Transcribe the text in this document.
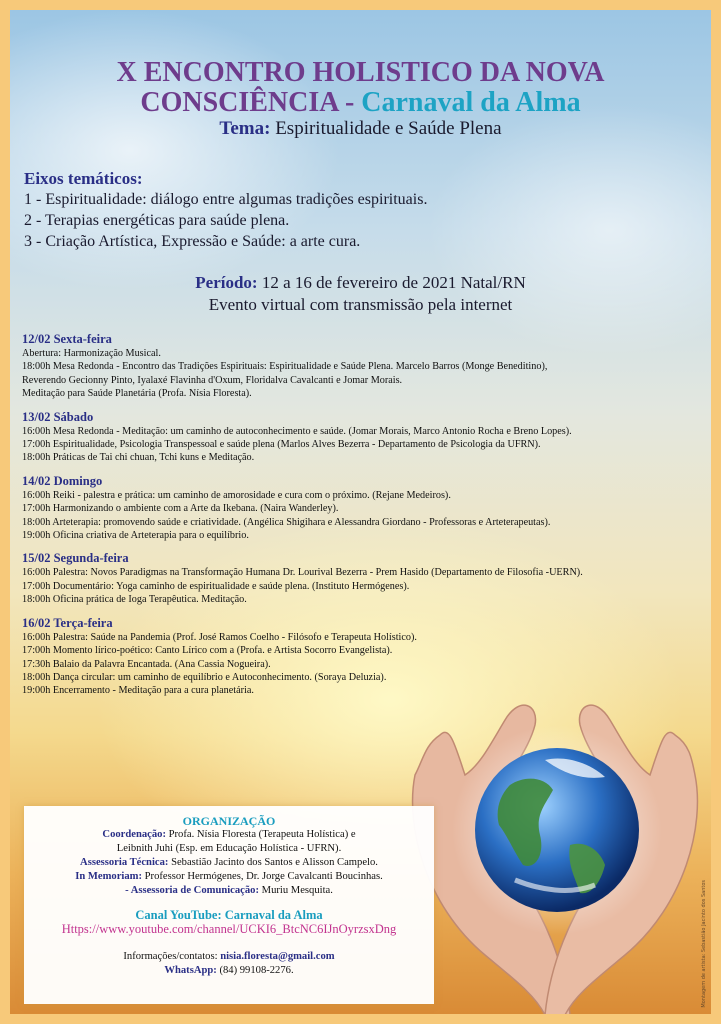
X ENCONTRO HOLISTICO DA NOVA
CONSCIÊNCIA - Carnaval da Alma
Tema: Espiritualidade e Saúde Plena
Eixos temáticos:
1 - Espiritualidade: diálogo entre algumas tradições espirituais.
2 - Terapias energéticas para saúde plena.
3 - Criação Artística, Expressão e Saúde: a arte cura.
Período: 12 a 16 de fevereiro de 2021 Natal/RN
Evento virtual com transmissão pela internet
12/02 Sexta-feira
Abertura: Harmonização Musical.
18:00h Mesa Redonda - Encontro das Tradições Espirituais: Espiritualidade e Saúde Plena. Marcelo Barros (Monge Beneditino),
Reverendo Gecionny Pinto, Iyalaxé Flavinha d'Oxum, Floridalva Cavalcanti e Jomar Morais.
Meditação para Saúde Planetária (Profa. Nísia Floresta).
13/02 Sábado
16:00h Mesa Redonda - Meditação: um caminho de autoconhecimento e saúde. (Jomar Morais, Marco Antonio Rocha e Breno Lopes).
17:00h Espiritualidade, Psicologia Transpessoal e saúde plena (Marlos Alves Bezerra - Departamento de Psicologia da UFRN).
18:00h Práticas de Tai chi chuan, Tchi kuns e Meditação.
14/02 Domingo
16:00h Reiki - palestra e prática: um caminho de amorosidade e cura com o próximo. (Rejane Medeiros).
17:00h Harmonizando o ambiente com a Arte da Ikebana. (Naira Wanderley).
18:00h Arteterapia: promovendo saúde e criatividade. (Angélica Shigihara e Alessandra Giordano - Professoras e Arteterapeutas).
19:00h Oficina criativa de Arteterapia para o equilíbrio.
15/02 Segunda-feira
16:00h Palestra: Novos Paradigmas na Transformação Humana Dr. Lourival Bezerra - Prem Hasido (Departamento de Filosofia -UERN).
17:00h Documentário: Yoga caminho de espiritualidade e saúde plena. (Instituto Hermógenes).
18:00h Oficina prática de Ioga Terapêutica. Meditação.
16/02 Terça-feira
16:00h Palestra: Saúde na Pandemia (Prof. José Ramos Coelho - Filósofo e Terapeuta Holístico).
17:00h Momento lírico-poético: Canto Lírico com a (Profa. e Artista Socorro Evangelista).
17:30h Balaio da Palavra Encantada. (Ana Cassia Nogueira).
18:00h Dança circular: um caminho de equilíbrio e Autoconhecimento. (Soraya Deluzia).
19:00h Encerramento - Meditação para a cura planetária.
Montagem de artista: Sebastião Jacinto dos Santos
ORGANIZAÇÃO
Coordenação: Profa. Nísia Floresta (Terapeuta Holística) e
Leibnith Juhi (Esp. em Educação Holística - UFRN).
Assessoria Técnica: Sebastião Jacinto dos Santos e Alisson Campelo.
In Memoriam: Professor Hermógenes, Dr. Jorge Cavalcanti Boucinhas.
- Assessoria de Comunicação: Muriu Mesquita.
Canal YouTube: Carnaval da Alma
Https://www.youtube.com/channel/UCKI6_BtcNC6IJnOyrzsxDng
Informações/contatos: nisia.floresta@gmail.com
WhatsApp: (84) 99108-2276.
